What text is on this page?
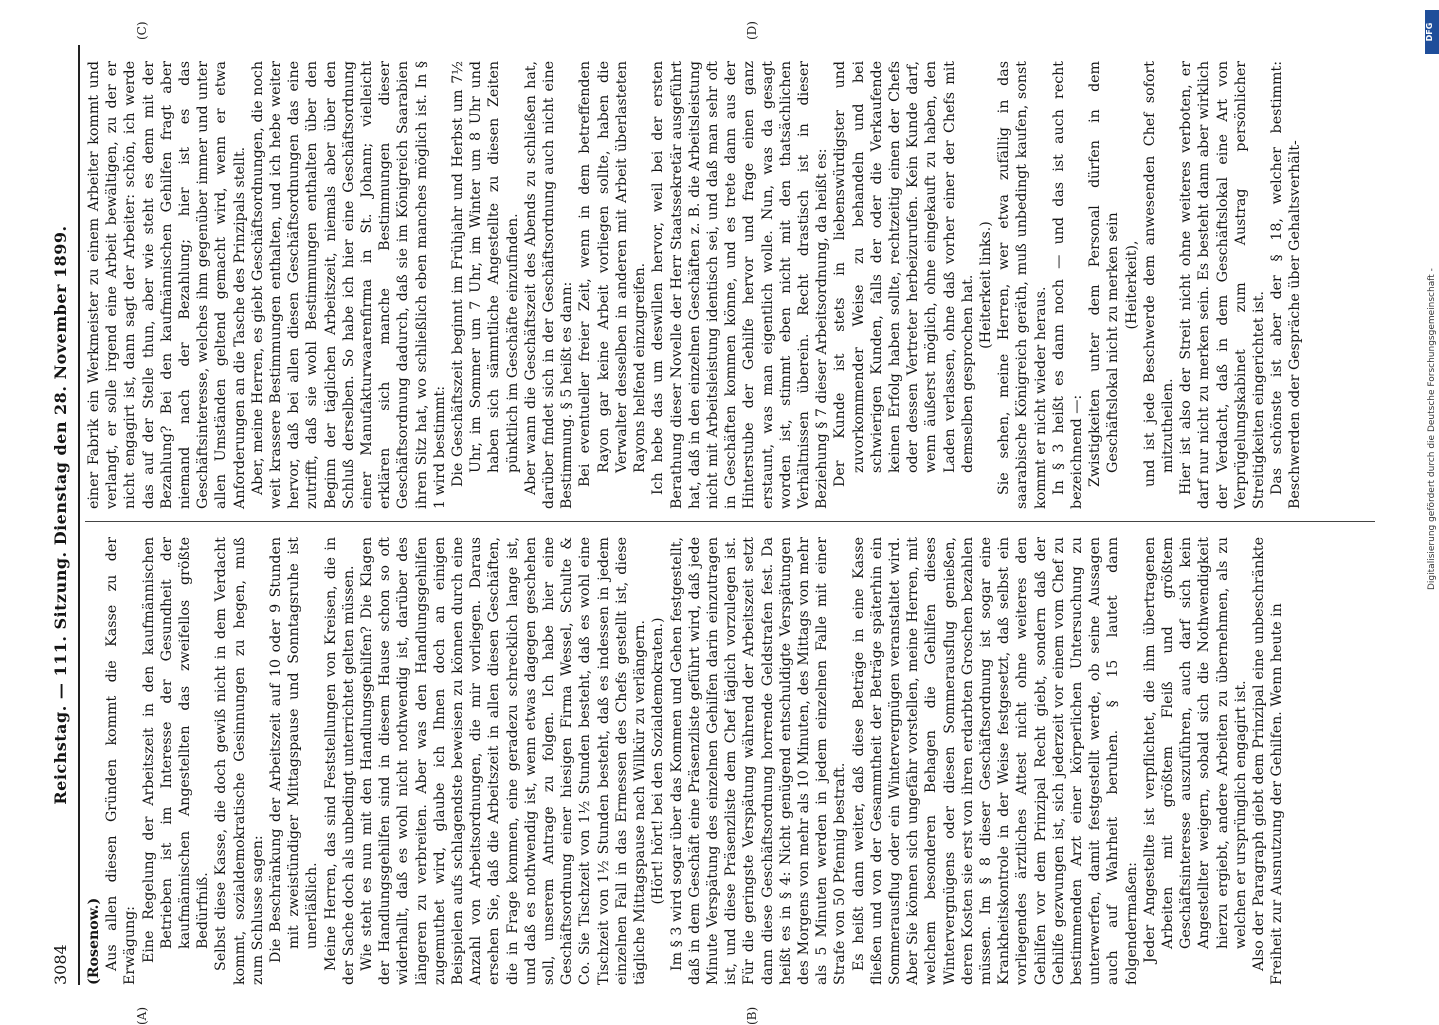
3084
Reichstag. — 111. Sitzung. Dienstag den 28. November 1899.
(A)	(B)
(C)	(D)

(Rosenow.) Aus allen diesen Gründen kommt die Kasse zu der Erwägung: Eine Regelung der Arbeitszeit in den kaufmännischen Betrieben ist im Interesse der Gesundheit der kaufmännischen Angestellten das zweifellos größte Bedürfniß. Selbst diese Kasse, die doch gewiß nicht in dem Verdacht kommt, sozialdemokratische Gesinnungen zu hegen, muß zum Schlusse sagen: Die Beschränkung der Arbeitszeit auf 10 oder 9 Stunden mit zweistündiger Mittagspause und Sonntagsruhe ist unerläßlich. Meine Herren, das sind Feststellungen von Kreisen, die in der Sache doch als unbedingt unterrichtet gelten müssen. Wie steht es nun mit den Handlungsgehilfen? Die Klagen der Handlungsgehilfen sind in diesem Hause schon so oft widerhallt, daß es wohl nicht nothwendig ist, darüber des längeren zu verbreiten. Aber was den Handlungsgehilfen zugemuthet wird, glaube ich Ihnen doch an einigen Beispielen aufs schlagendste beweisen zu können durch eine Anzahl von Arbeitsordnungen, die mir vorliegen. Daraus ersehen Sie, daß die Arbeitszeit in allen diesen Geschäften, die in Frage kommen, eine geradezu schrecklich lange ist, und daß es nothwendig ist, wenn etwas dagegen geschehen soll, unserem Antrage zu folgen. Ich habe hier eine Geschäftsordnung einer hiesigen Firma Wessel, Schulte & Co. Sie Tischzeit von 1½ Stunden besteht, daß es wohl eine Tischzeit von 1½ Stunden besteht, daß es indessen in jedem einzelnen Fall in das Ermessen des Chefs gestellt ist, diese tägliche Mittagspause nach Willkür zu verlängern. (Hört! hört! bei den Sozialdemokraten.) Im § 3 wird sogar über das Kommen und Gehen festgestellt, daß in dem Geschäft eine Präsenzliste geführt wird, daß jede Minute Verspätung des einzelnen Gehilfen darin einzutragen ist, und diese Präsenzliste dem Chef täglich vorzulegen ist. Für die geringste Verspätung während der Arbeitszeit setzt dann diese Geschäftsordnung horrende Geldstrafen fest. Da heißt es in § 4: Nicht genügend entschuldigte Verspätungen des Morgens von mehr als 10 Minuten, des Mittags von mehr als 5 Minuten werden in jedem einzelnen Falle mit einer Strafe von 50 Pfennig bestraft. Es heißt dann weiter, daß diese Beträge in eine Kasse fließen und von der Gesammtheit der Beträge späterhin ein Sommerausflug oder ein Wintervergnügen veranstaltet wird. Aber Sie können sich ungefähr vorstellen, meine Herren, mit welchem besonderen Behagen die Gehilfen dieses Wintervergnügens oder diesen Sommerausflug genießen, deren Kosten sie erst von ihren erdarbten Groschen bezahlen müssen. Im § 8 dieser Geschäftsordnung ist sogar eine Krankheitskontrole in der Weise festgesetzt, daß selbst ein vorliegendes ärztliches Attest nicht ohne weiteres den Gehilfen vor dem Prinzipal Recht giebt, sondern daß der Gehilfe gezwungen ist, sich jederzeit vor einem vom Chef zu bestimmenden Arzt einer körperlichen Untersuchung zu unterwerfen, damit festgestellt werde, ob seine Aussagen auch auf Wahrheit beruhen. § 15 lautet dann folgendermaßen: Jeder Angestellte ist verpflichtet, die ihm übertragenen Arbeiten mit größtem Fleiß und größtem Geschäftsinteresse auszuführen, auch darf sich kein Angestellter weigern, sobald sich die Nothwendigkeit hierzu ergiebt, andere Arbeiten zu übernehmen, als zu welchen er ursprünglich engagirt ist. Also der Paragraph giebt dem Prinzipal eine unbeschränkte Freiheit zur Ausnutzung der Gehilfen. Wenn heute in

einer Fabrik ein Werkmeister zu einem Arbeiter kommt und verlangt, er solle irgend eine Arbeit bewältigen, zu der er nicht engagirt ist, dann sagt der Arbeiter: schön, ich werde das auf der Stelle thun, aber wie steht es denn mit der Bezahlung? Bei den kaufmännischen Gehilfen fragt aber niemand nach der Bezahlung; hier ist es das Geschäftsinteresse, welches ihm gegenüber immer und unter allen Umständen geltend gemacht wird, wenn er etwa Anforderungen an die Tasche des Prinzipals stellt. Aber, meine Herren, es giebt Geschäftsordnungen, die noch weit krassere Bestimmungen enthalten, und ich hebe weiter hervor, daß bei allen diesen Geschäftsordnungen das eine zutrifft, daß sie wohl Bestimmungen enthalten über den Beginn der täglichen Arbeitszeit, niemals aber über den Schluß derselben. So habe ich hier eine Geschäftsordnung einer Manufakturwaarenfirma in St. Johann; vielleicht erklären sich manche Bestimmungen dieser Geschäftsordnung dadurch, daß sie im Königreich Saarabien ihren Sitz hat, wo schließlich eben manches möglich ist. In § 1 wird bestimmt: Die Geschäftszeit beginnt im Frühjahr und Herbst um 7½ Uhr, im Sommer um 7 Uhr, im Winter um 8 Uhr und haben sich sämmtliche Angestellte zu diesen Zeiten pünktlich im Geschäfte einzufinden. Aber wann die Geschäftszeit des Abends zu schließen hat, darüber findet sich in der Geschäftsordnung auch nicht eine Bestimmung. § 5 heißt es dann: Bei eventueller freier Zeit, wenn in dem betreffenden Rayon gar keine Arbeit vorliegen sollte, haben die Verwalter desselben in anderen mit Arbeit überlasteten Rayons helfend einzugreifen. Ich hebe das um deswillen hervor, weil bei der ersten Berathung dieser Novelle der Herr Staatssekretär ausgeführt hat, daß in den einzelnen Geschäften z. B. die Arbeitsleistung nicht mit Arbeitsleistung identisch sei, und daß man sehr oft in Geschäften kommen könne, und es trete dann aus der Hinterstube der Gehilfe hervor und frage einen ganz erstaunt, was man eigentlich wolle. Nun, was da gesagt worden ist, stimmt eben nicht mit den thatsächlichen Verhältnissen überein. Recht drastisch ist in dieser Beziehung § 7 dieser Arbeitsordnung, da heißt es: Der Kunde ist stets in liebenswürdigster und zuvorkommender Weise zu behandeln und bei schwierigen Kunden, falls der oder die Verkaufende keinen Erfolg haben sollte, rechtzeitig einen der Chefs oder dessen Vertreter herbeizurufen. Kein Kunde darf, wenn äußerst möglich, ohne eingekauft zu haben, den Laden verlassen, ohne daß vorher einer der Chefs mit demselben gesprochen hat. (Heiterkeit links.) Sie sehen, meine Herren, wer etwa zufällig in das saarabische Königreich geräth, muß unbedingt kaufen, sonst kommt er nicht wieder heraus. In § 3 heißt es dann noch — und das ist auch recht bezeichnend —: Zwistigkeiten unter dem Personal dürfen in dem Geschäftslokal nicht zu merken sein (Heiterkeit), und ist jede Beschwerde dem anwesenden Chef sofort mitzutheilen. Hier ist also der Streit nicht ohne weiteres verboten, er darf nur nicht zu merken sein. Es besteht dann aber wirklich der Verdacht, daß in dem Geschäftslokal eine Art von Verprügelungskabinet zum Austrag persönlicher Streitigkeiten eingerichtet ist. Das schönste ist aber der § 18, welcher bestimmt: Beschwerden oder Gespräche über Gehaltsverhält-

DFG
Digitalisierung gefördert durch die Deutsche Forschungsgemeinschaft -
